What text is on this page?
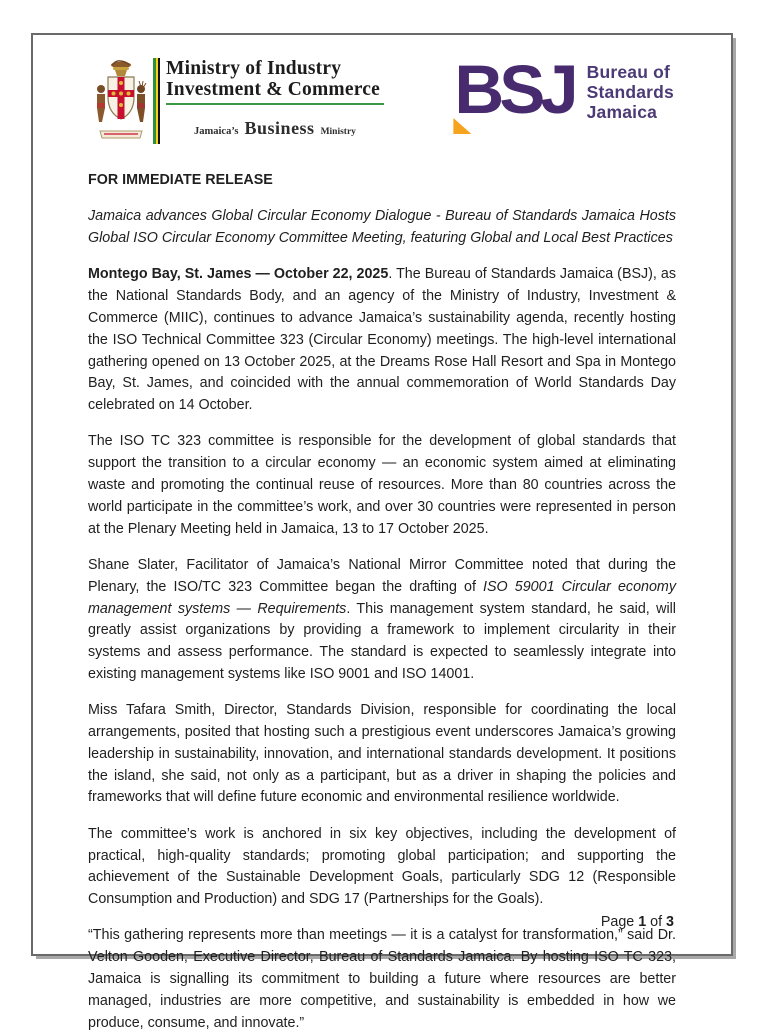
Ministry of Industry
Investment & Commerce
Jamaica’s Business Ministry
BSJ Bureau of
Standards
Jamaica

FOR IMMEDIATE RELEASE

Jamaica advances Global Circular Economy Dialogue - Bureau of Standards Jamaica Hosts Global ISO Circular Economy Committee Meeting, featuring Global and Local Best Practices

Montego Bay, St. James — October 22, 2025. The Bureau of Standards Jamaica (BSJ), as the National Standards Body, and an agency of the Ministry of Industry, Investment & Commerce (MIIC), continues to advance Jamaica’s sustainability agenda, recently hosting the ISO Technical Committee 323 (Circular Economy) meetings. The high-level international gathering opened on 13 October 2025, at the Dreams Rose Hall Resort and Spa in Montego Bay, St. James, and coincided with the annual commemoration of World Standards Day celebrated on 14 October.

The ISO TC 323 committee is responsible for the development of global standards that support the transition to a circular economy — an economic system aimed at eliminating waste and promoting the continual reuse of resources. More than 80 countries across the world participate in the committee’s work, and over 30 countries were represented in person at the Plenary Meeting held in Jamaica, 13 to 17 October 2025.

Shane Slater, Facilitator of Jamaica’s National Mirror Committee noted that during the Plenary, the ISO/TC 323 Committee began the drafting of ISO 59001 Circular economy management systems — Requirements. This management system standard, he said, will greatly assist organizations by providing a framework to implement circularity in their systems and assess performance. The standard is expected to seamlessly integrate into existing management systems like ISO 9001 and ISO 14001.

Miss Tafara Smith, Director, Standards Division, responsible for coordinating the local arrangements, posited that hosting such a prestigious event underscores Jamaica’s growing leadership in sustainability, innovation, and international standards development. It positions the island, she said, not only as a participant, but as a driver in shaping the policies and frameworks that will define future economic and environmental resilience worldwide.

The committee’s work is anchored in six key objectives, including the development of practical, high-quality standards; promoting global participation; and supporting the achievement of the Sustainable Development Goals, particularly SDG 12 (Responsible Consumption and Production) and SDG 17 (Partnerships for the Goals).

“This gathering represents more than meetings — it is a catalyst for transformation,” said Dr. Velton Gooden, Executive Director, Bureau of Standards Jamaica. By hosting ISO TC 323, Jamaica is signalling its commitment to building a future where resources are better managed, industries are more competitive, and sustainability is embedded in how we produce, consume, and innovate.”

Page 1 of 3
